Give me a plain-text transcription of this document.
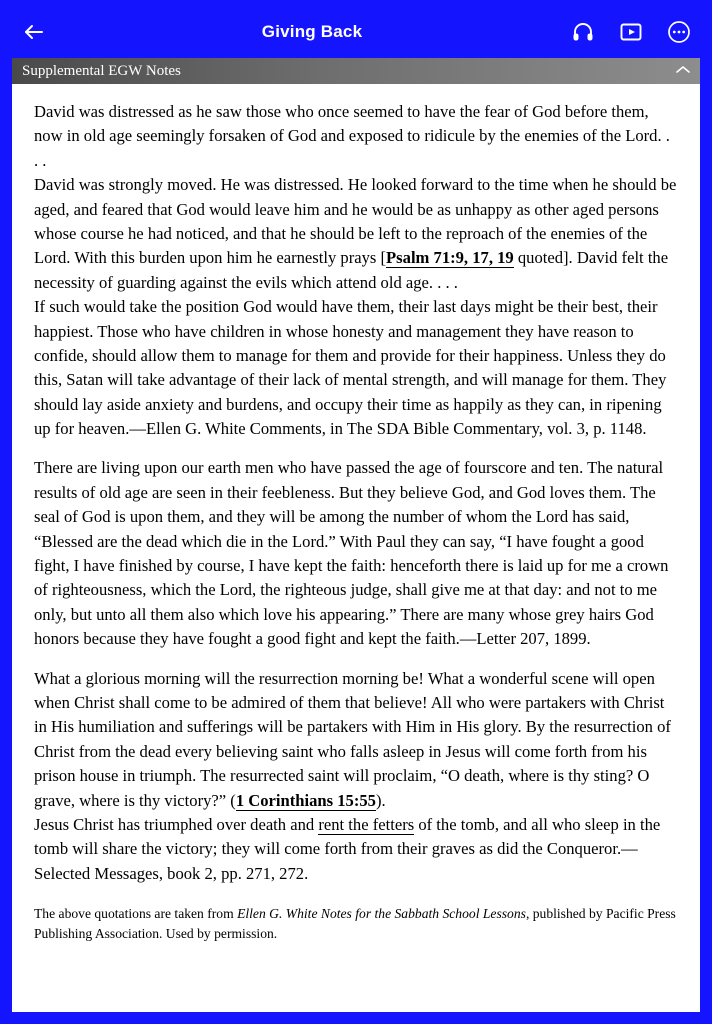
Giving Back
Supplemental EGW Notes

David was distressed as he saw those who once seemed to have the fear of God before them, now in old age seemingly forsaken of God and exposed to ridicule by the enemies of the Lord. . . .

David was strongly moved. He was distressed. He looked forward to the time when he should be aged, and feared that God would leave him and he would be as unhappy as other aged persons whose course he had noticed, and that he should be left to the reproach of the enemies of the Lord. With this burden upon him he earnestly prays [Psalm 71:9, 17, 19 quoted]. David felt the necessity of guarding against the evils which attend old age. . . .

If such would take the position God would have them, their last days might be their best, their happiest. Those who have children in whose honesty and management they have reason to confide, should allow them to manage for them and provide for their happiness. Unless they do this, Satan will take advantage of their lack of mental strength, and will manage for them. They should lay aside anxiety and burdens, and occupy their time as happily as they can, in ripening up for heaven.—Ellen G. White Comments, in The SDA Bible Commentary, vol. 3, p. 1148.

There are living upon our earth men who have passed the age of fourscore and ten. The natural results of old age are seen in their feebleness. But they believe God, and God loves them. The seal of God is upon them, and they will be among the number of whom the Lord has said, “Blessed are the dead which die in the Lord.” With Paul they can say, “I have fought a good fight, I have finished by course, I have kept the faith: henceforth there is laid up for me a crown of righteousness, which the Lord, the righteous judge, shall give me at that day: and not to me only, but unto all them also which love his appearing.” There are many whose grey hairs God honors because they have fought a good fight and kept the faith.—Letter 207, 1899.

What a glorious morning will the resurrection morning be! What a wonderful scene will open when Christ shall come to be admired of them that believe! All who were partakers with Christ in His humiliation and sufferings will be partakers with Him in His glory. By the resurrection of Christ from the dead every believing saint who falls asleep in Jesus will come forth from his prison house in triumph. The resurrected saint will proclaim, “O death, where is thy sting? O grave, where is thy victory?” (1 Corinthians 15:55).

Jesus Christ has triumphed over death and rent the fetters of the tomb, and all who sleep in the tomb will share the victory; they will come forth from their graves as did the Conqueror.—Selected Messages, book 2, pp. 271, 272.

The above quotations are taken from Ellen G. White Notes for the Sabbath School Lessons, published by Pacific Press Publishing Association. Used by permission.
